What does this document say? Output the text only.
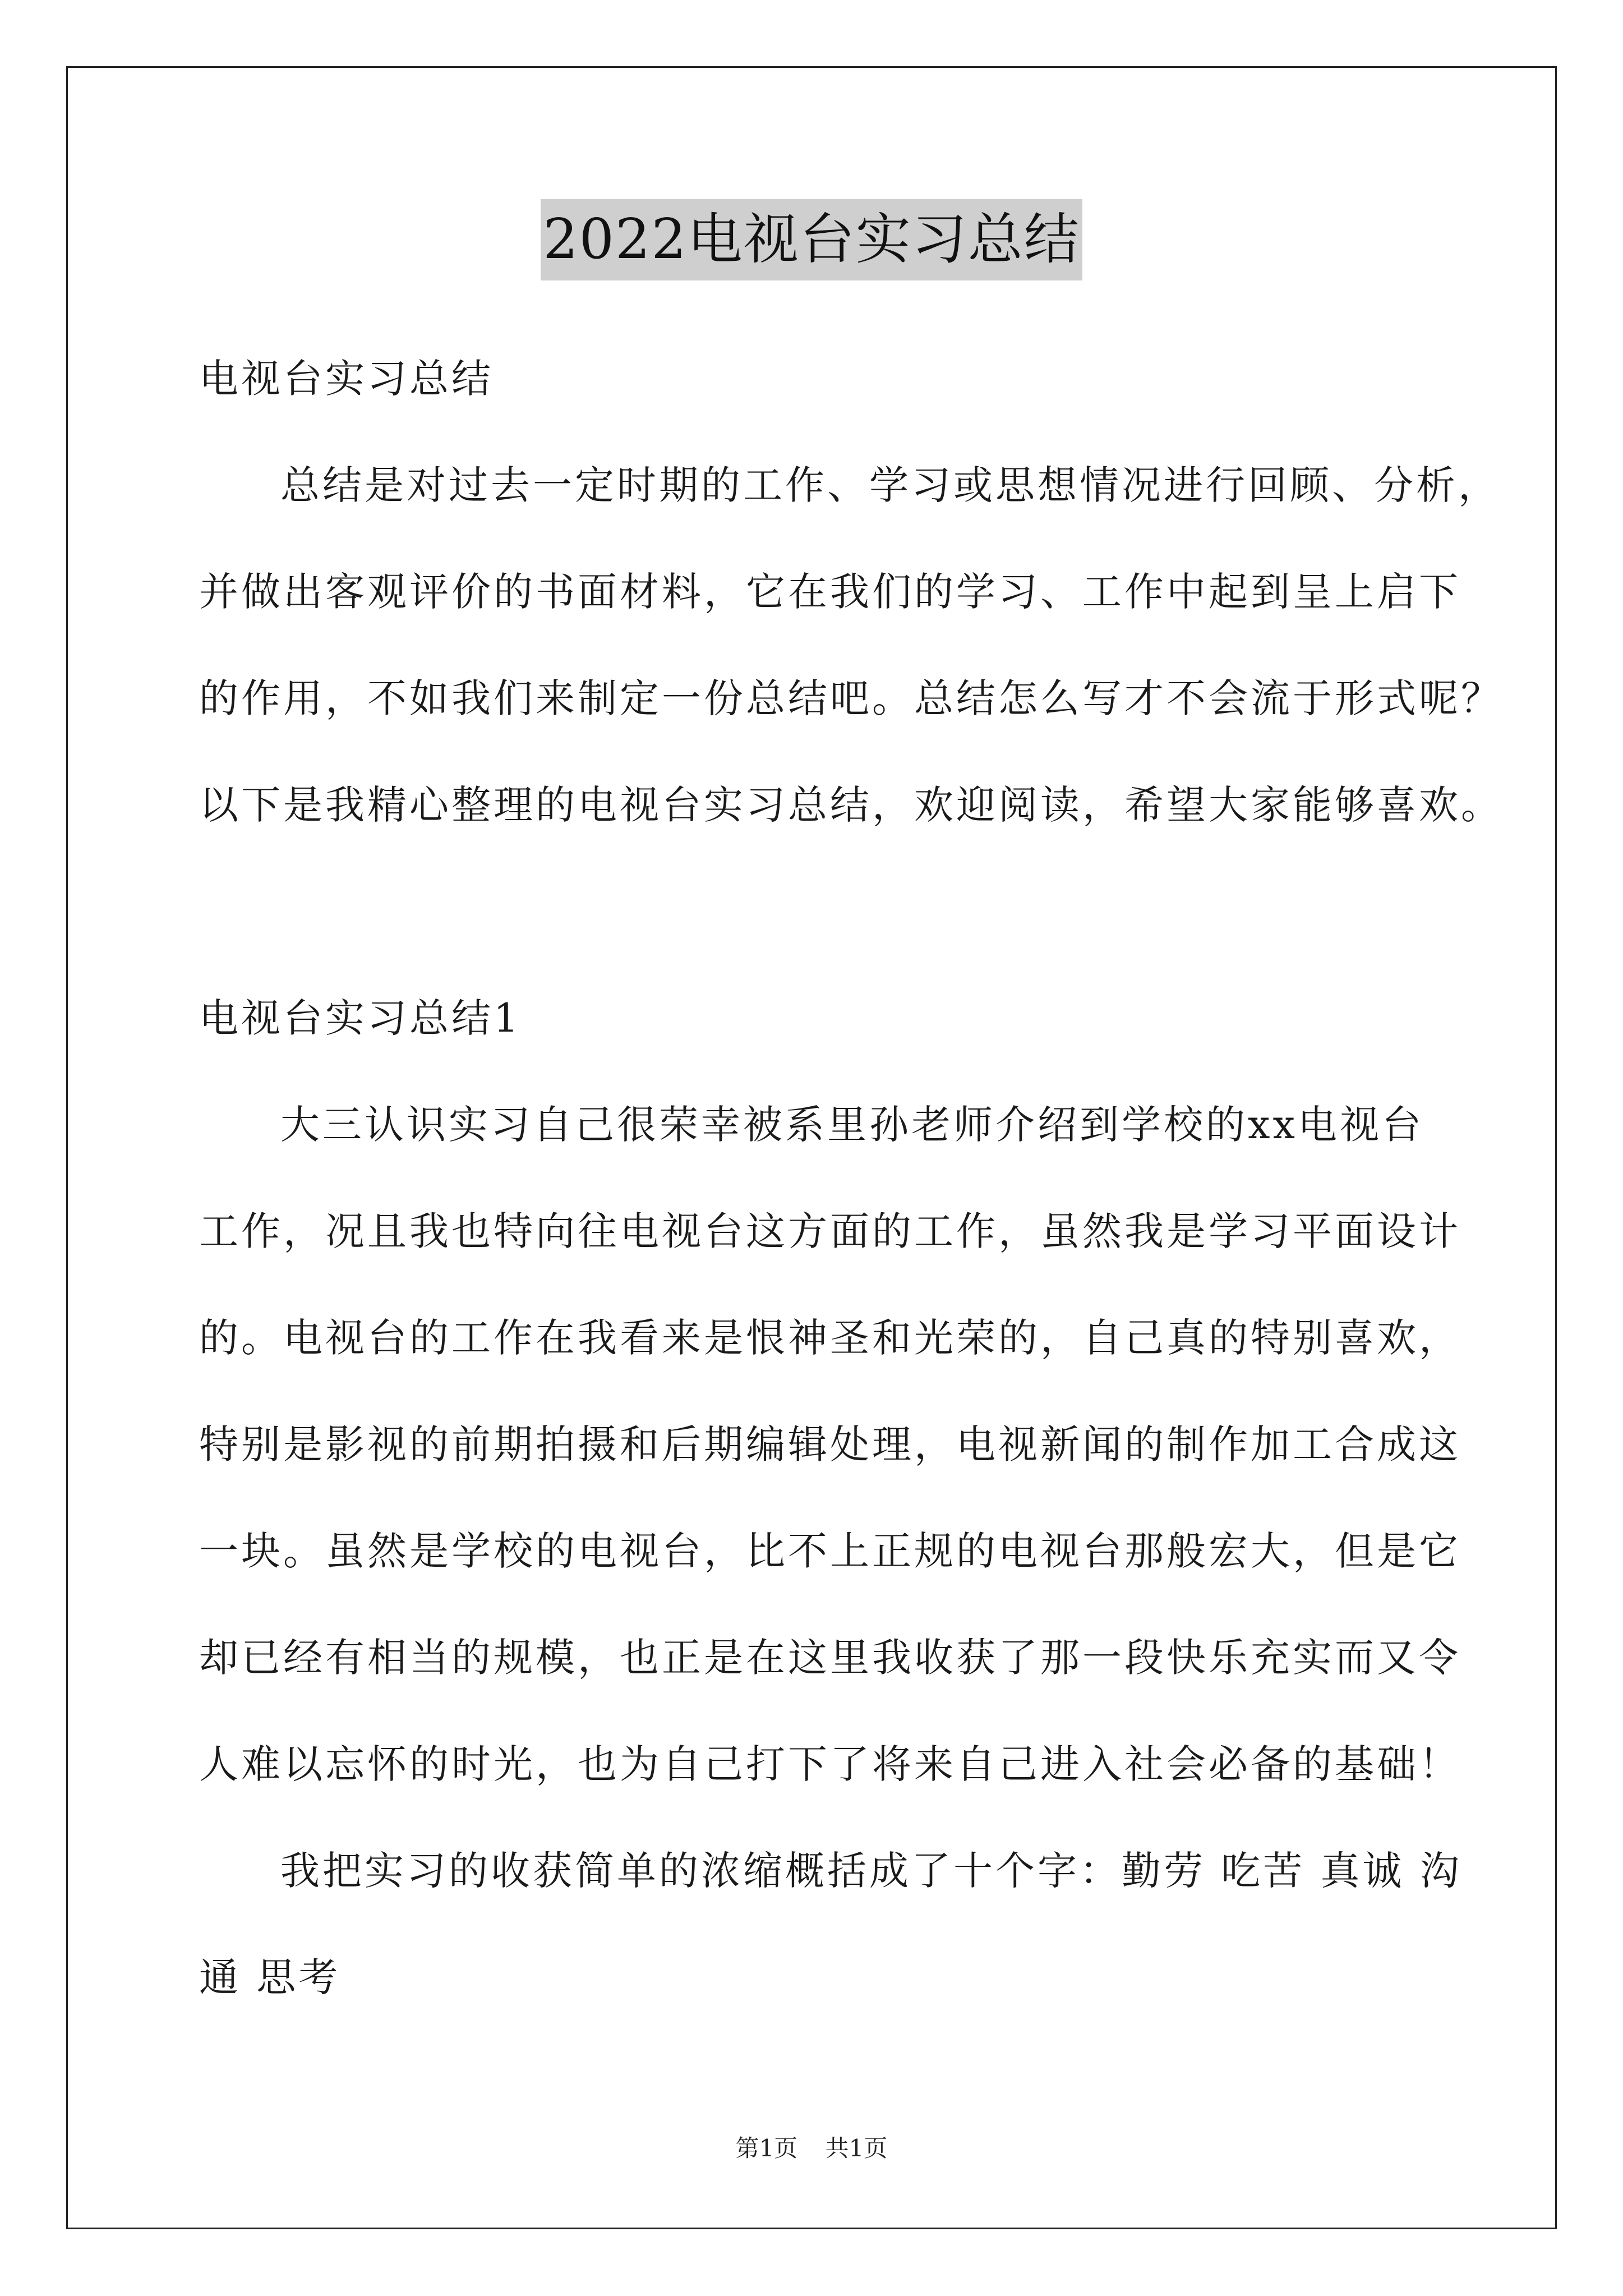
2022电视台实习总结
电视台实习总结
总结是对过去一定时期的工作、学习或思想情况进行回顾、分析，
并做出客观评价的书面材料，它在我们的学习、工作中起到呈上启下
的作用，不如我们来制定一份总结吧。总结怎么写才不会流于形式呢？
以下是我精心整理的电视台实习总结，欢迎阅读，希望大家能够喜欢。
电视台实习总结1
大三认识实习自己很荣幸被系里孙老师介绍到学校的xx电视台
工作，况且我也特向往电视台这方面的工作，虽然我是学习平面设计
的。电视台的工作在我看来是恨神圣和光荣的，自己真的特别喜欢，
特别是影视的前期拍摄和后期编辑处理，电视新闻的制作加工合成这
一块。虽然是学校的电视台，比不上正规的电视台那般宏大，但是它
却已经有相当的规模，也正是在这里我收获了那一段快乐充实而又令
人难以忘怀的时光，也为自己打下了将来自己进入社会必备的基础！
我把实习的收获简单的浓缩概括成了十个字：勤劳 吃苦 真诚 沟
通 思考
第1页 共1页
